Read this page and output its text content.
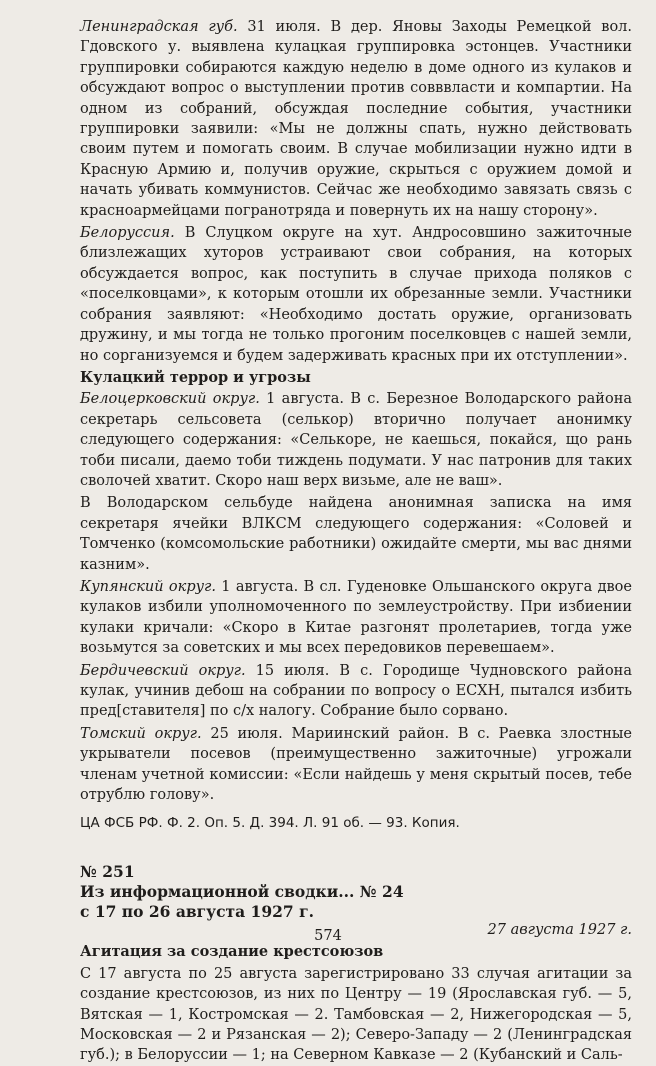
Ленинградская губ. 31 июля. В дер. Яновы Заходы Ремецкой вол. Гдовского у. выявлена кулацкая группировка эстонцев. Участники группировки собираются каждую неделю в доме одного из кулаков и обсуждают вопрос о выступлении против совввласти и компартии. На одном из собраний, обсуждая последние события, участники группировки заявили: «Мы не должны спать, нужно действовать своим путем и помогать своим. В случае мобилизации нужно идти в Красную Армию и, получив оружие, скрыться с оружием домой и начать убивать коммунистов. Сейчас же необходимо завязать связь с красноармейцами погранотряда и повернуть их на нашу сторону».

Белоруссия. В Слуцком округе на хут. Андросовшино зажиточные близлежащих хуторов устраивают свои собрания, на которых обсуждается вопрос, как поступить в случае прихода поляков с «поселковцами», к которым отошли их обрезанные земли. Участники собрания заявляют: «Необходимо достать оружие, организовать дружину, и мы тогда не только прогоним поселковцев с нашей земли, но сорганизуемся и будем задерживать красных при их отступлении».

Кулацкий террор и угрозы

Белоцерковский округ. 1 августа. В с. Березное Володарского района секретарь сельсовета (селькор) вторично получает анонимку следующего содержания: «Селькоре, не каешься, покайся, що рань тоби писали, даемо тоби тиждень подумати. У нас патронив для таких сволочей хватит. Скоро наш верх визьме, але не ваш».

В Володарском сельбуде найдена анонимная записка на имя секретаря ячейки ВЛКСМ следующего содержания: «Соловей и Томченко (комсомольские работники) ожидайте смерти, мы вас днями казним».

Купянский округ. 1 августа. В сл. Гуденовке Ольшанского округа двое кулаков избили уполномоченного по землеустройству. При избиении кулаки кричали: «Скоро в Китае разгонят пролетариев, тогда уже возьмутся за советских и мы всех передовиков перевешаем».

Бердичевский округ. 15 июля. В с. Городище Чудновского района кулак, учинив дебош на собрании по вопросу о ЕСХН, пытался избить пред[ставителя] по с/х налогу. Собрание было сорвано.

Томский округ. 25 июля. Мариинский район. В с. Раевка злостные укрыватели посевов (преимущественно зажиточные) угрожали членам учетной комиссии: «Если найдешь у меня скрытый посев, тебе отрублю голову».

ЦА ФСБ РФ. Ф. 2. Оп. 5. Д. 394. Л. 91 об. — 93. Копия.
№ 251
Из информационной сводки... № 24
с 17 по 26 августа 1927 г.
27 августа 1927 г.
Агитация за создание крестсоюзов

С 17 августа по 25 августа зарегистрировано 33 случая агитации за создание крестсоюзов, из них по Центру — 19 (Ярославская губ. — 5, Вятская — 1, Костромская — 2. Тамбовская — 2, Нижегородская — 5, Московская — 2 и Рязанская — 2); Северо-Западу — 2 (Ленинградская губ.); в Белоруссии — 1; на Северном Кавказе — 2 (Кубанский и Саль-

574
